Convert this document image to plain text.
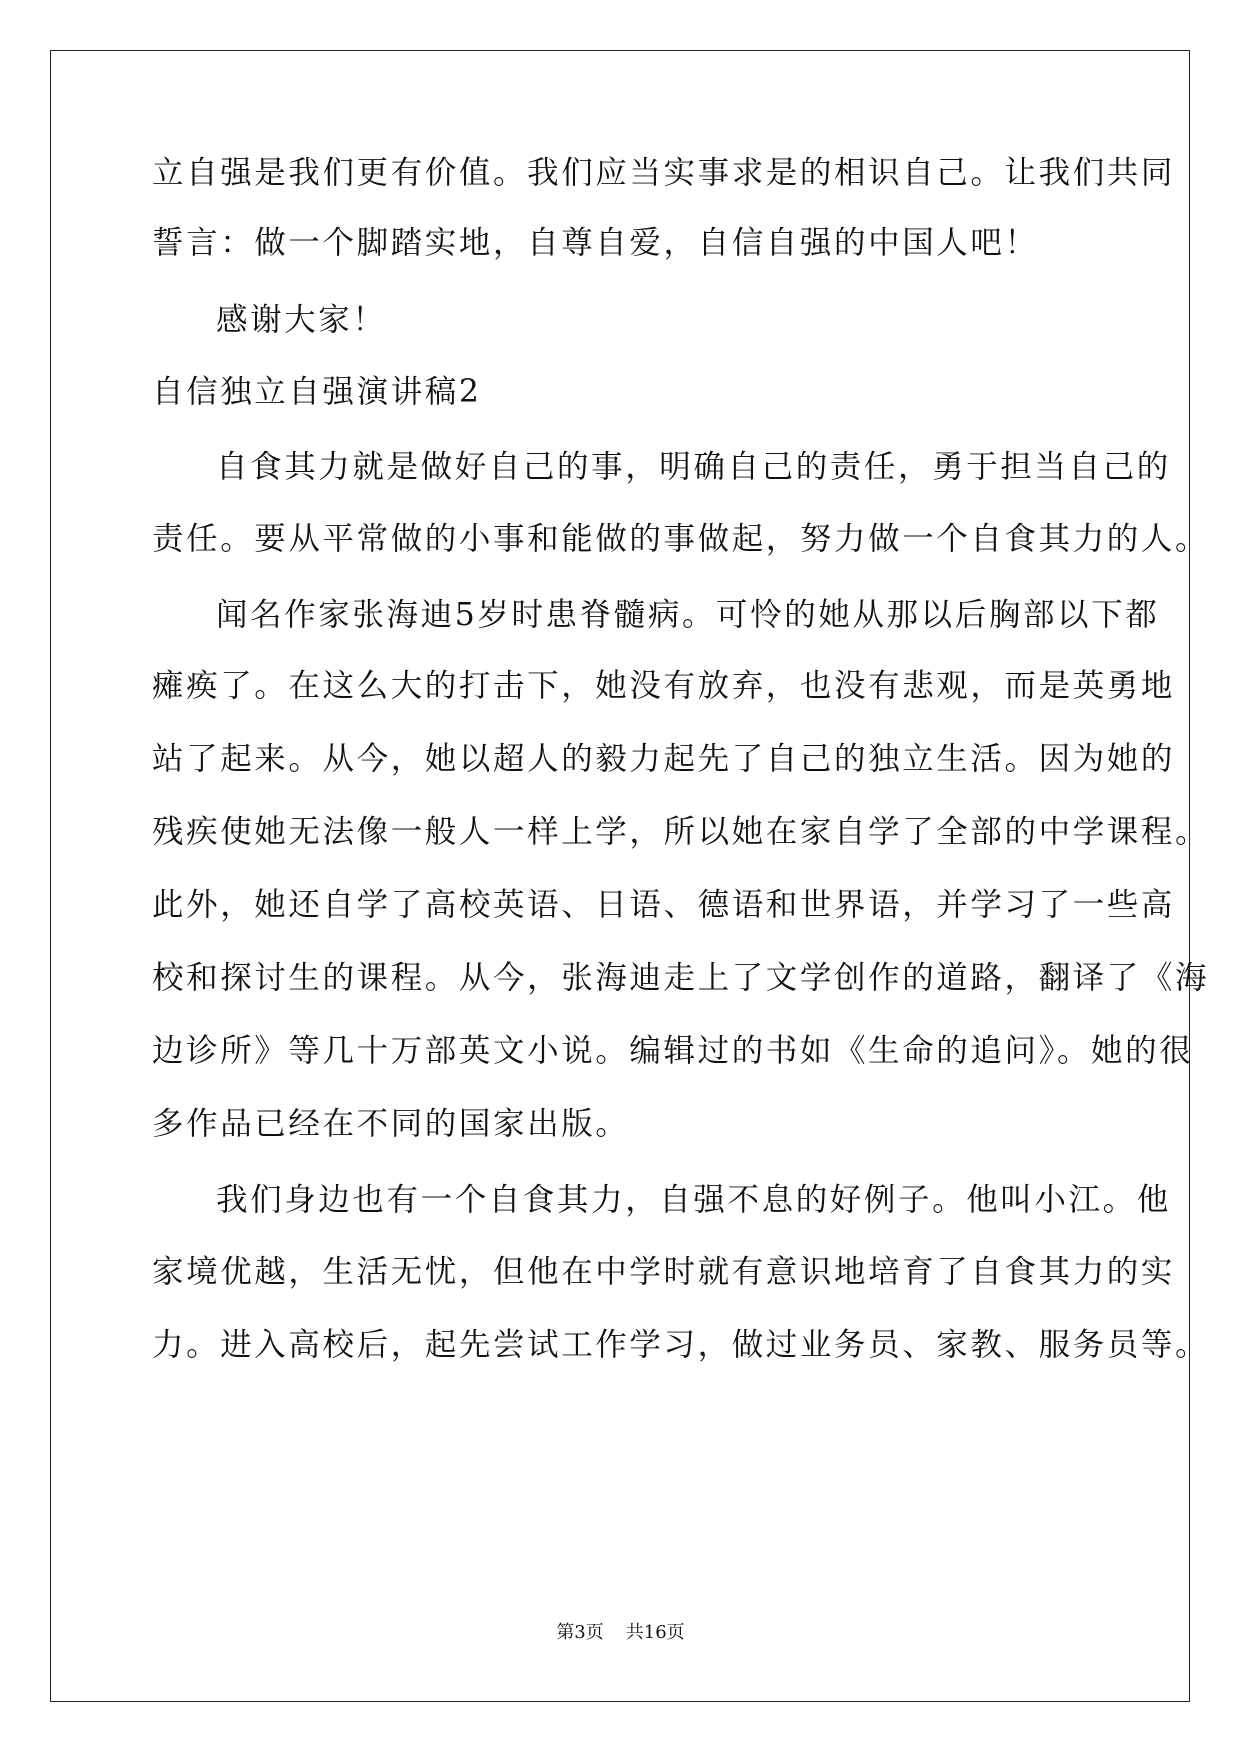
立自强是我们更有价值。我们应当实事求是的相识自己。让我们共同
誓言：做一个脚踏实地，自尊自爱，自信自强的中国人吧！
感谢大家！
自信独立自强演讲稿2
自食其力就是做好自己的事，明确自己的责任，勇于担当自己的
责任。要从平常做的小事和能做的事做起，努力做一个自食其力的人。
闻名作家张海迪5岁时患脊髓病。可怜的她从那以后胸部以下都
瘫痪了。在这么大的打击下，她没有放弃，也没有悲观，而是英勇地
站了起来。从今，她以超人的毅力起先了自己的独立生活。因为她的
残疾使她无法像一般人一样上学，所以她在家自学了全部的中学课程。
此外，她还自学了高校英语、日语、德语和世界语，并学习了一些高
校和探讨生的课程。从今，张海迪走上了文学创作的道路，翻译了《海
边诊所》等几十万部英文小说。编辑过的书如《生命的追问》。她的很
多作品已经在不同的国家出版。
我们身边也有一个自食其力，自强不息的好例子。他叫小江。他
家境优越，生活无忧，但他在中学时就有意识地培育了自食其力的实
力。进入高校后，起先尝试工作学习，做过业务员、家教、服务员等。
第3页 共16页
